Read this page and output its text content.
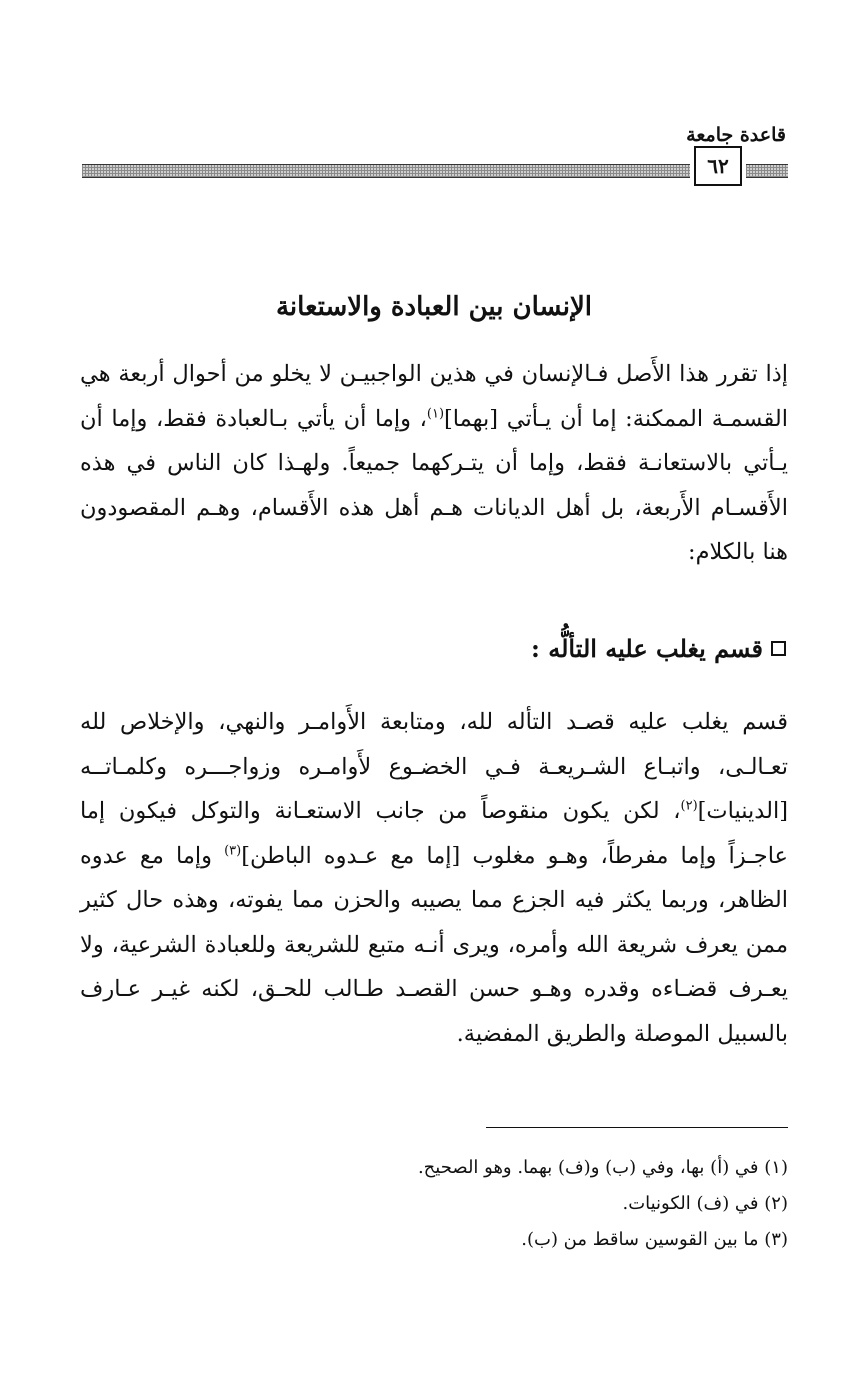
قاعدة جامعة
٦٢
الإنسان بين العبادة والاستعانة

إذا تقرر هذا الأَصل فـالإنسان في هذين الواجبيـن لا يخلو من أحوال أربعة هي القسمـة الممكنة: إما أن يـأتي [بهما]$^{(١)}$، وإما أن يأتي بـالعبادة فقط، وإما أن يـأتي بالاستعانـة فقط، وإما أن يتـركهما جميعاً. ولهـذا كان الناس في هذه الأَقسـام الأَربعة، بل أهل الديانات هـم أهل هذه الأَقسام، وهـم المقصودون هنا بالكلام:

قسم يغلب عليه التألُّه :

قسم يغلب عليه قصـد التأله لله، ومتابعة الأَوامـر والنهي، والإخلاص لله تعـالـى، واتبـاع الشـريعـة فـي الخضـوع لأَوامـره وزواجـــره وكلمـاتــه [الدينيات]$^{(٢)}$، لكن يكون منقوصاً من جانب الاستعـانة والتوكل فيكون إما عاجـزاً وإما مفرطاً، وهـو مغلوب [إما مع عـدوه الباطن]$^{(٣)}$ وإما مع عدوه الظاهر، وربما يكثر فيه الجزع مما يصيبه والحزن مما يفوته، وهذه حال كثير ممن يعرف شريعة الله وأمره، ويرى أنـه متبع للشريعة وللعبادة الشرعية، ولا يعـرف قضـاءه وقدره وهـو حسن القصـد طـالب للحـق، لكنه غيـر عـارف بالسبيل الموصلة والطريق المفضية.

(١) في (أ) بها، وفي (ب) و(ف) بهما. وهو الصحيح.
(٢) في (ف) الكونيات.
(٣) ما بين القوسين ساقط من (ب).
